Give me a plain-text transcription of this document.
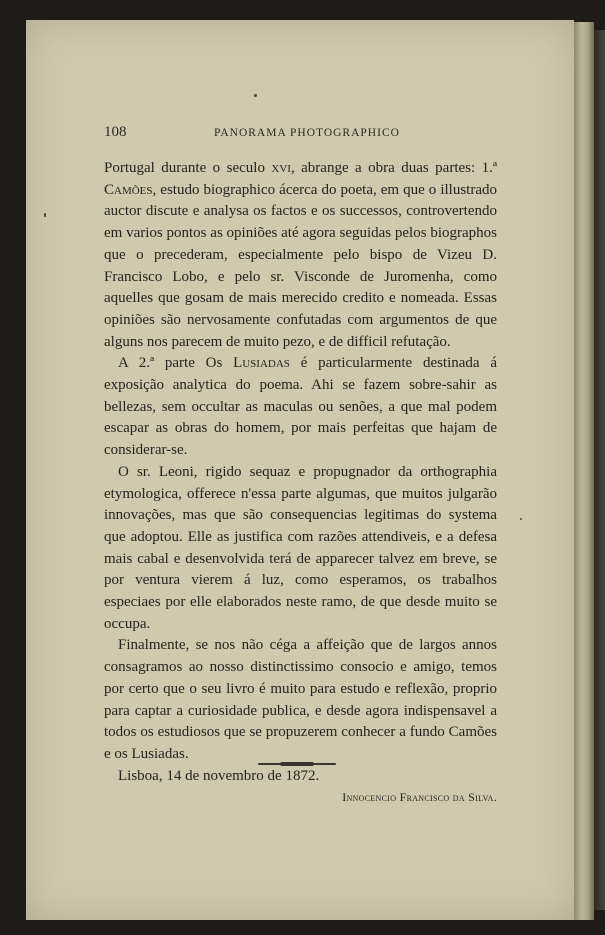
108	PANORAMA PHOTOGRAPHICO

Portugal durante o seculo xvi, abrange a obra duas partes: 1.ª Camões, estudo biographico ácerca do poeta, em que o illustrado auctor discute e analysa os factos e os successos, controvertendo em varios pontos as opiniões até agora seguidas pelos biographos que o precederam, especialmente pelo bispo de Vizeu D. Francisco Lobo, e pelo sr. Visconde de Juromenha, como aquelles que gosam de mais merecido credito e nomeada. Essas opiniões são nervosamente confutadas com argumentos de que alguns nos parecem de muito pezo, e de difficil refutação.

A 2.ª parte Os Lusiadas é particularmente destinada á exposição analytica do poema. Ahi se fazem sobre-sahir as bellezas, sem occultar as maculas ou senões, a que mal podem escapar as obras do homem, por mais perfeitas que hajam de considerar-se.

O sr. Leoni, rigido sequaz e propugnador da orthographia etymologica, offerece n'essa parte algumas, que muitos julgarão innovações, mas que são consequencias legitimas do systema que adoptou. Elle as justifica com razões attendiveis, e a defesa mais cabal e desenvolvida terá de apparecer talvez em breve, se por ventura vierem á luz, como esperamos, os trabalhos especiaes por elle elaborados neste ramo, de que desde muito se occupa.

Finalmente, se nos não céga a affeição que de largos annos consagramos ao nosso distinctissimo consocio e amigo, temos por certo que o seu livro é muito para estudo e reflexão, proprio para captar a curiosidade publica, e desde agora indispensavel a todos os estudiosos que se propuzerem conhecer a fundo Camões e os Lusiadas.

Lisboa, 14 de novembro de 1872.

Innocencio Francisco da Silva.
